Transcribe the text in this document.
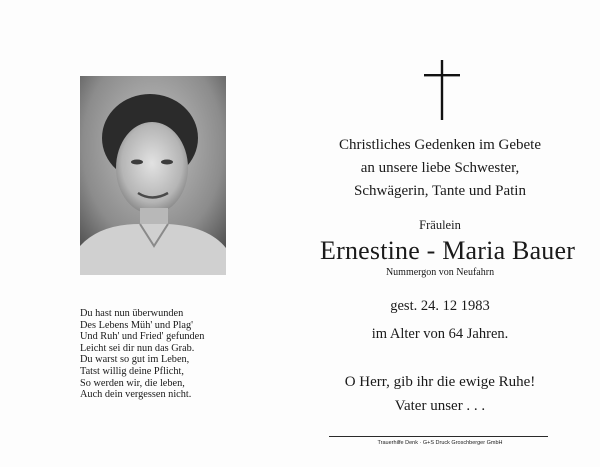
Du hast nun überwunden
Des Lebens Müh' und Plag'
Und Ruh' und Fried' gefunden
Leicht sei dir nun das Grab.
Du warst so gut im Leben,
Tatst willig deine Pflicht,
So werden wir, die leben,
Auch dein vergessen nicht.
Christliches Gedenken im Gebete
an unsere liebe Schwester,
Schwägerin, Tante und Patin
Fräulein
Ernestine - Maria Bauer
Nummergon von Neufahrn
gest. 24. 12 1983
im Alter von 64 Jahren.
O Herr, gib ihr die ewige Ruhe!
Vater unser . . .
Trauerhilfe Denk · G+S Druck Groschberger GmbH
